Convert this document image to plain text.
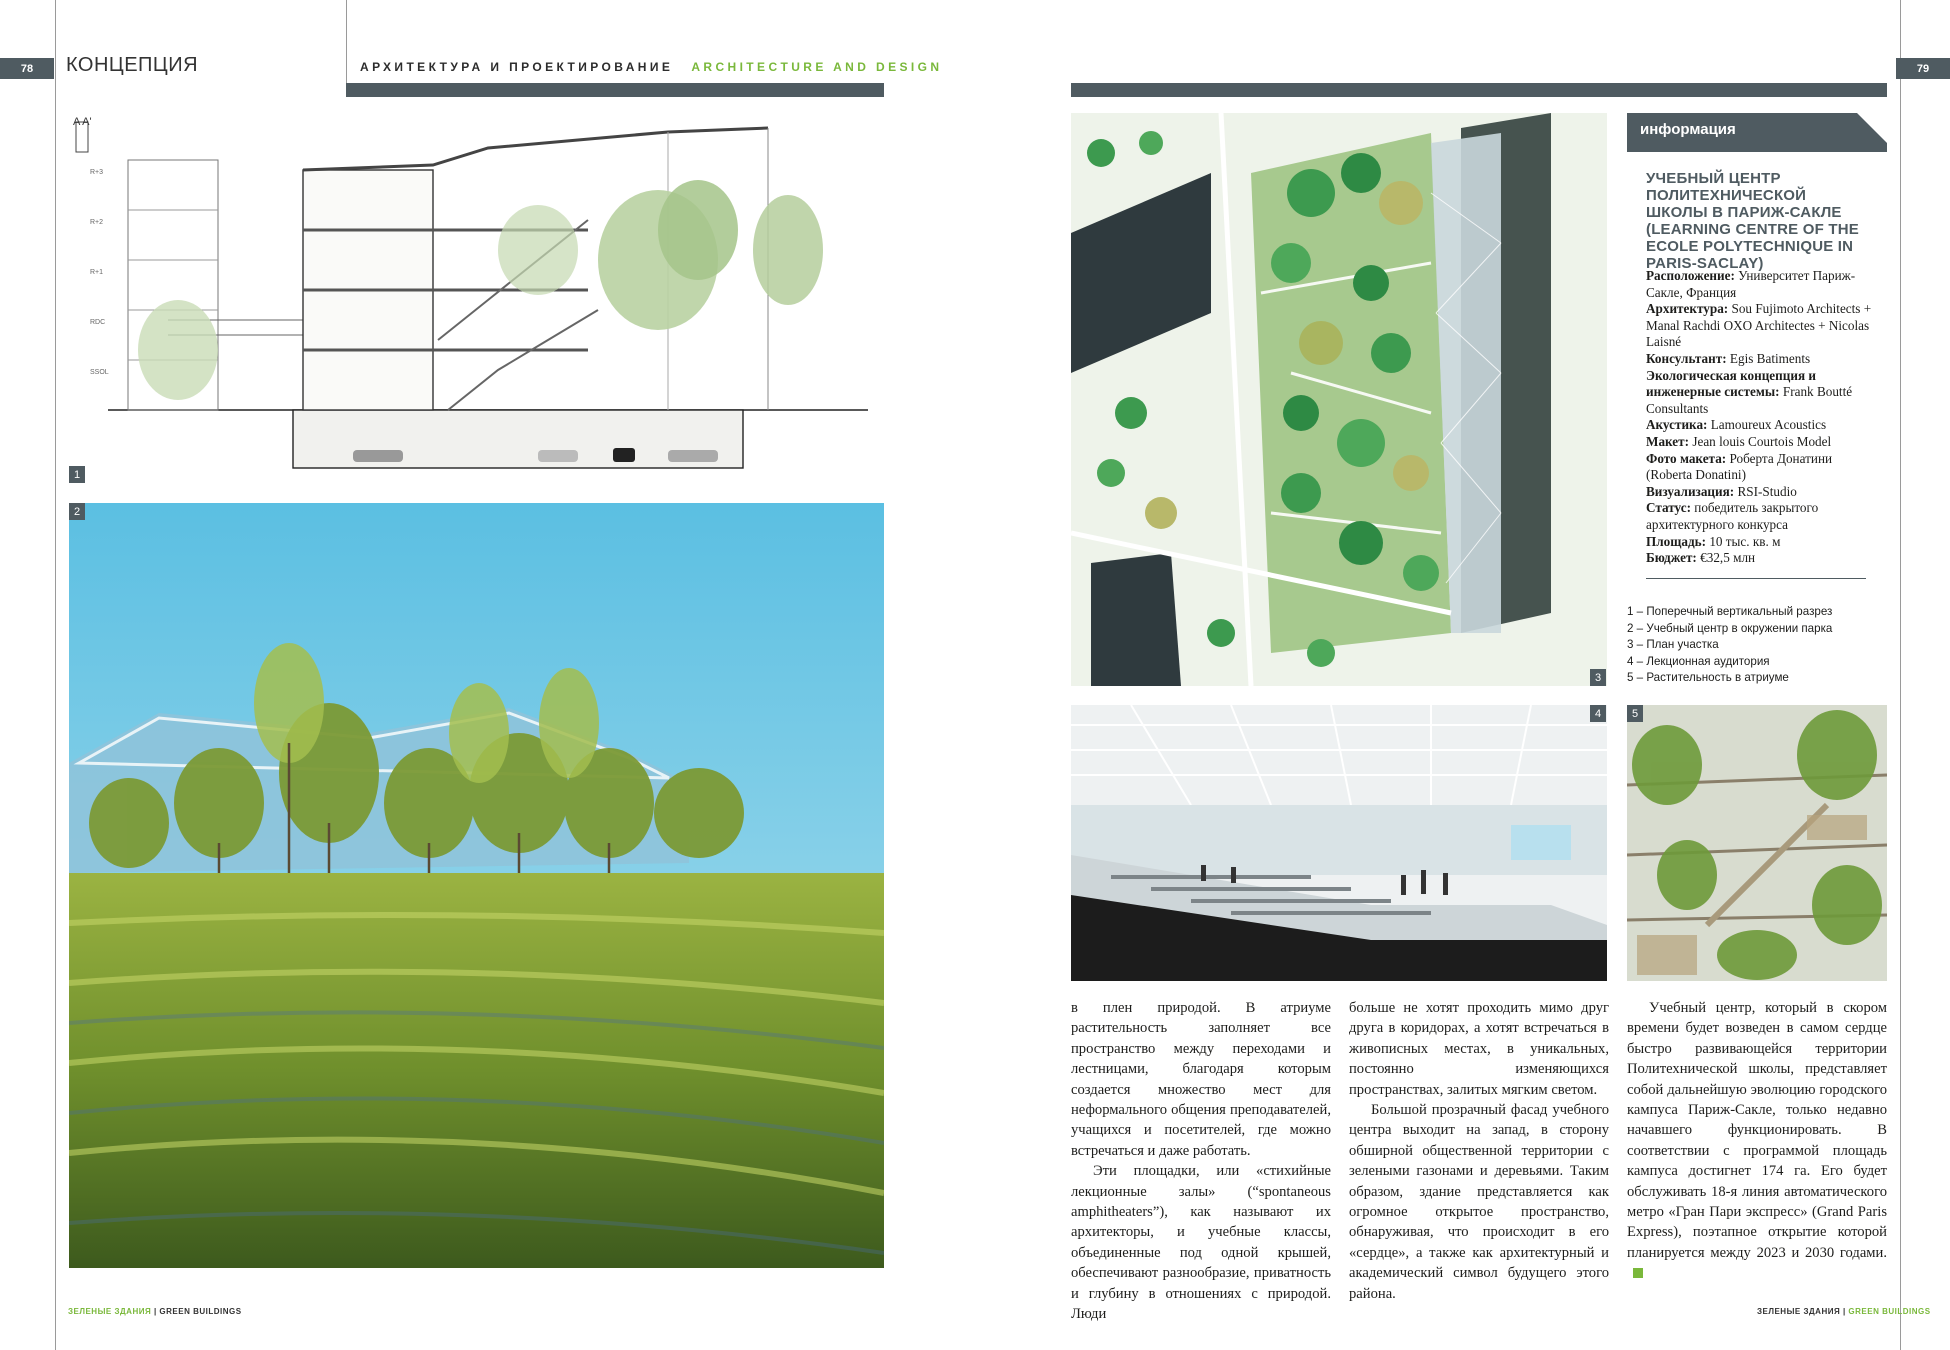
78	КОНЦЕПЦИЯ	АРХИТЕКТУРА И ПРОЕКТИРОВАНИЕ ARCHITECTURE AND DESIGN
A A'
R+3
R+2
R+1
RDC
SSOL
1
2
ЗЕЛЕНЫЕ ЗДАНИЯ | GREEN BUILDINGS
79
3
информация
УЧЕБНЫЙ ЦЕНТР ПОЛИТЕХНИЧЕСКОЙ ШКОЛЫ В ПАРИЖ-САКЛЕ (LEARNING CENTRE OF THE ECOLE POLYTECHNIQUE IN PARIS-SACLAY)
Расположение: Университет Париж-Сакле, Франция
Архитектура: Sou Fujimoto Architects + Manal Rachdi OXO Architectes + Nicolas Laisné
Консультант: Egis Batiments
Экологическая концепция и инженерные системы: Frank Boutté Consultants
Акустика: Lamoureux Acoustics
Макет: Jean louis Courtois Model
Фото макета: Роберта Донатини (Roberta Donatini)
Визуализация: RSI-Studio
Статус: победитель закрытого архитектурного конкурса
Площадь: 10 тыс. кв. м
Бюджет: €32,5 млн
1 – Поперечный вертикальный разрез
2 – Учебный центр в окружении парка
3 – План участка
4 – Лекционная аудитория
5 – Растительность в атриуме
4	5

в плен природой. В атриуме растительность заполняет все пространство между переходами и лестницами, благодаря которым создается множество мест для неформального общения преподавателей, учащихся и посетителей, где можно встречаться и даже работать.

Эти площадки, или «стихийные лекционные залы» (“spontaneous amphitheaters”), как называют их архитекторы, и учебные классы, объединенные под одной крышей, обеспечивают разнообразие, приватность и глубину в отношениях с природой. Люди

больше не хотят проходить мимо друг друга в коридорах, а хотят встречаться в живописных местах, в уникальных, постоянно изменяющихся пространствах, залитых мягким светом.

Большой прозрачный фасад учебного центра выходит на запад, в сторону обширной общественной территории с зелеными газонами и деревьями. Таким образом, здание представляется как огромное открытое пространство, обнаруживая, что происходит в его «сердце», а также как архитектурный и академический символ будущего этого района.

Учебный центр, который в скором времени будет возведен в самом сердце быстро развивающейся территории Политехнической школы, представляет собой дальнейшую эволюцию городского кампуса Париж-Сакле, только недавно начавшего функционировать. В соответствии с программой площадь кампуса достигнет 174 га. Его будет обслуживать 18-я линия автоматического метро «Гран Пари экспресс» (Grand Paris Express), поэтапное открытие которой планируется между 2023 и 2030 годами.

ЗЕЛЕНЫЕ ЗДАНИЯ | GREEN BUILDINGS
